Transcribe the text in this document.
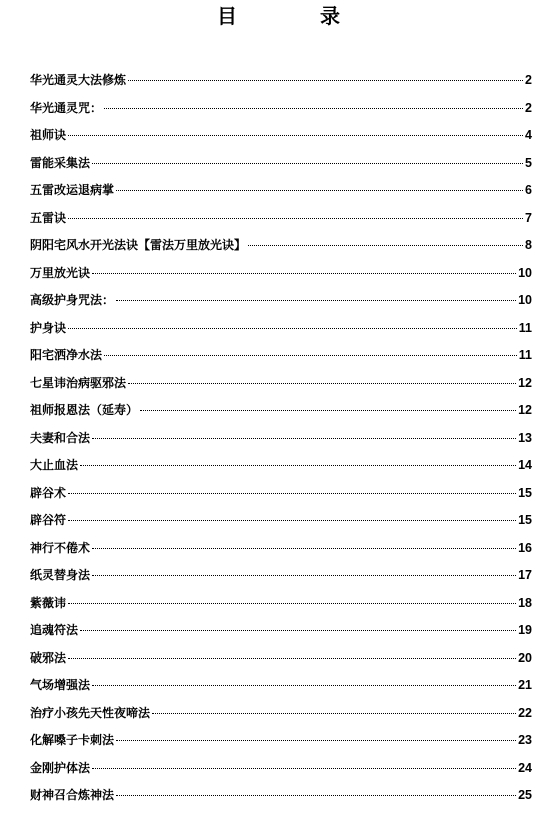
目 录
华光通灵大法修炼	2
华光通灵咒：	2
祖师诀	4
雷能采集法	5
五雷改运退病掌	6
五雷诀	7
阴阳宅风水开光法诀【雷法万里放光诀】	8
万里放光诀	10
高级护身咒法：	10
护身诀	11
阳宅洒净水法	11
七星讳治病驱邪法	12
祖师报恩法（延寿）	12
夫妻和合法	13
大止血法	14
辟谷术	15
辟谷符	15
神行不倦术	16
纸灵替身法	17
紫薇讳	18
追魂符法	19
破邪法	20
气场增强法	21
治疗小孩先天性夜啼法	22
化解嗓子卡刺法	23
金刚护体法	24
财神召合炼神法	25
